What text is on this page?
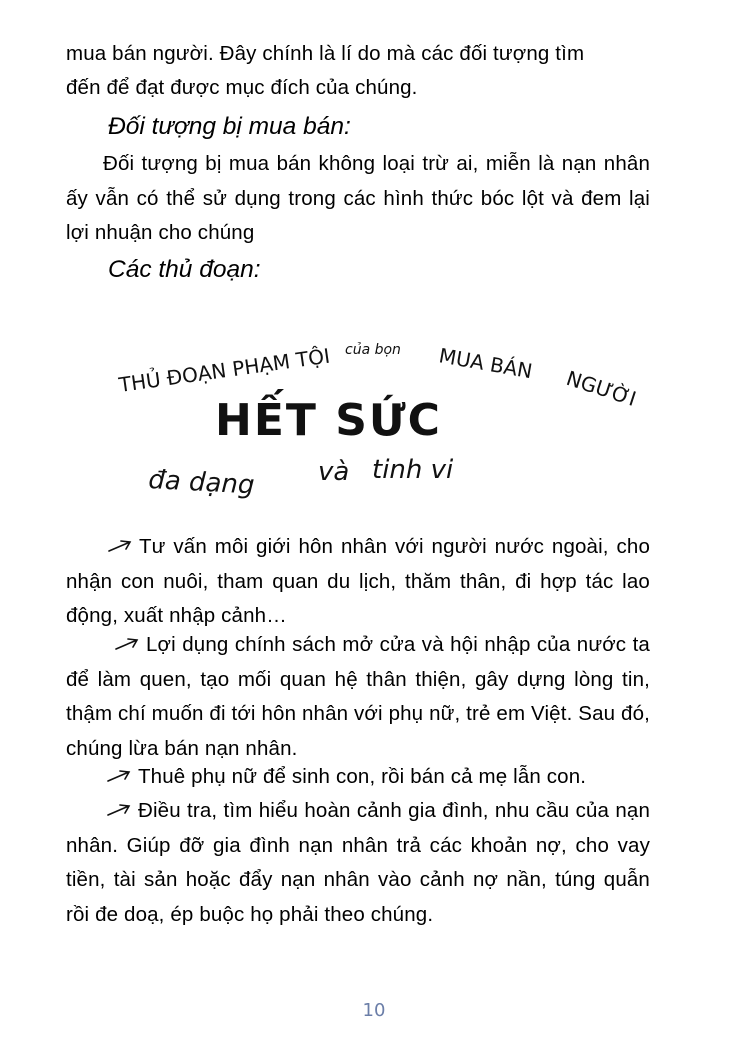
mua bán người. Đây chính là lí do mà các đối tượng tìm

đến để đạt được mục đích của chúng.

Đối tượng bị mua bán:

Đối tượng bị mua bán không loại trừ ai, miễn là nạn nhân ấy vẫn có thể sử dụng trong các hình thức bóc lột và đem lại lợi nhuận cho chúng

Các thủ đoạn:
THỦ ĐOẠN PHẠM TỘI của bọn MUA BÁN
NGƯỜI
HẾT SỨC
đa dạng và tinh vi

Tư vấn môi giới hôn nhân với người nước ngoài, cho nhận con nuôi, tham quan du lịch, thăm thân, đi hợp tác lao động, xuất nhập cảnh…

Lợi dụng chính sách mở cửa và hội nhập của nước ta để làm quen, tạo mối quan hệ thân thiện, gây dựng lòng tin, thậm chí muốn đi tới hôn nhân với phụ nữ, trẻ em Việt. Sau đó, chúng lừa bán nạn nhân.

Thuê phụ nữ để sinh con, rồi bán cả mẹ lẫn con.

Điều tra, tìm hiểu hoàn cảnh gia đình, nhu cầu của nạn nhân. Giúp đỡ gia đình nạn nhân trả các khoản nợ, cho vay tiền, tài sản hoặc đẩy nạn nhân vào cảnh nợ nần, túng quẫn rồi đe doạ, ép buộc họ phải theo chúng.

10
